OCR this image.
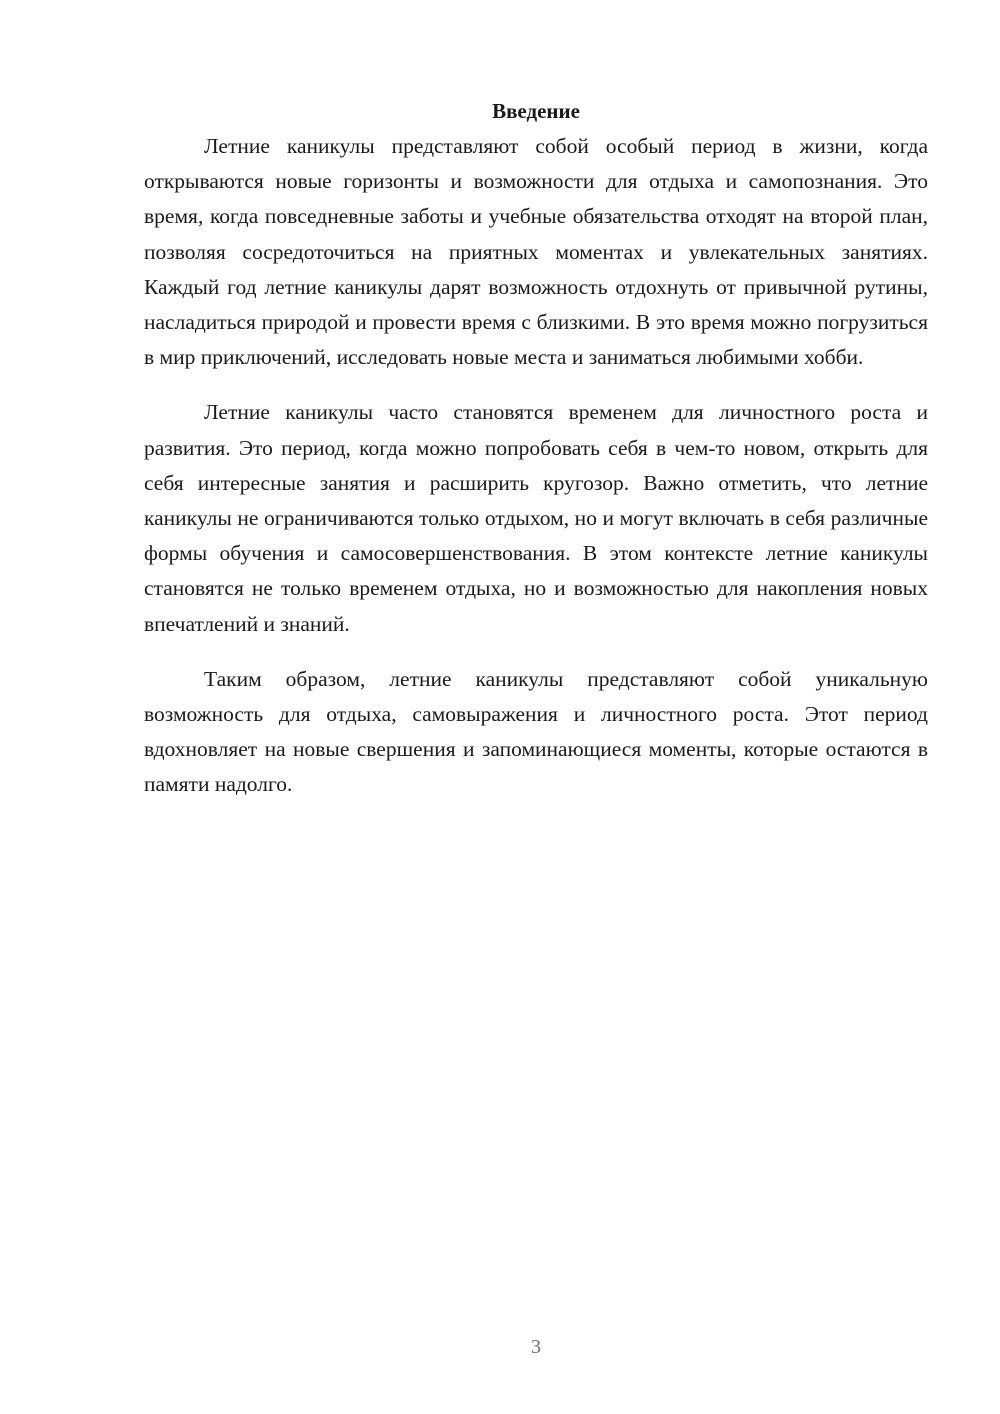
Введение

Летние каникулы представляют собой особый период в жизни, когда открываются новые горизонты и возможности для отдыха и самопознания. Это время, когда повседневные заботы и учебные обязательства отходят на второй план, позволяя сосредоточиться на приятных моментах и увлекательных занятиях. Каждый год летние каникулы дарят возможность отдохнуть от привычной рутины, насладиться природой и провести время с близкими. В это время можно погрузиться в мир приключений, исследовать новые места и заниматься любимыми хобби.

Летние каникулы часто становятся временем для личностного роста и развития. Это период, когда можно попробовать себя в чем-то новом, открыть для себя интересные занятия и расширить кругозор. Важно отметить, что летние каникулы не ограничиваются только отдыхом, но и могут включать в себя различные формы обучения и самосовершенствования. В этом контексте летние каникулы становятся не только временем отдыха, но и возможностью для накопления новых впечатлений и знаний.

Таким образом, летние каникулы представляют собой уникальную возможность для отдыха, самовыражения и личностного роста. Этот период вдохновляет на новые свершения и запоминающиеся моменты, которые остаются в памяти надолго.

3
